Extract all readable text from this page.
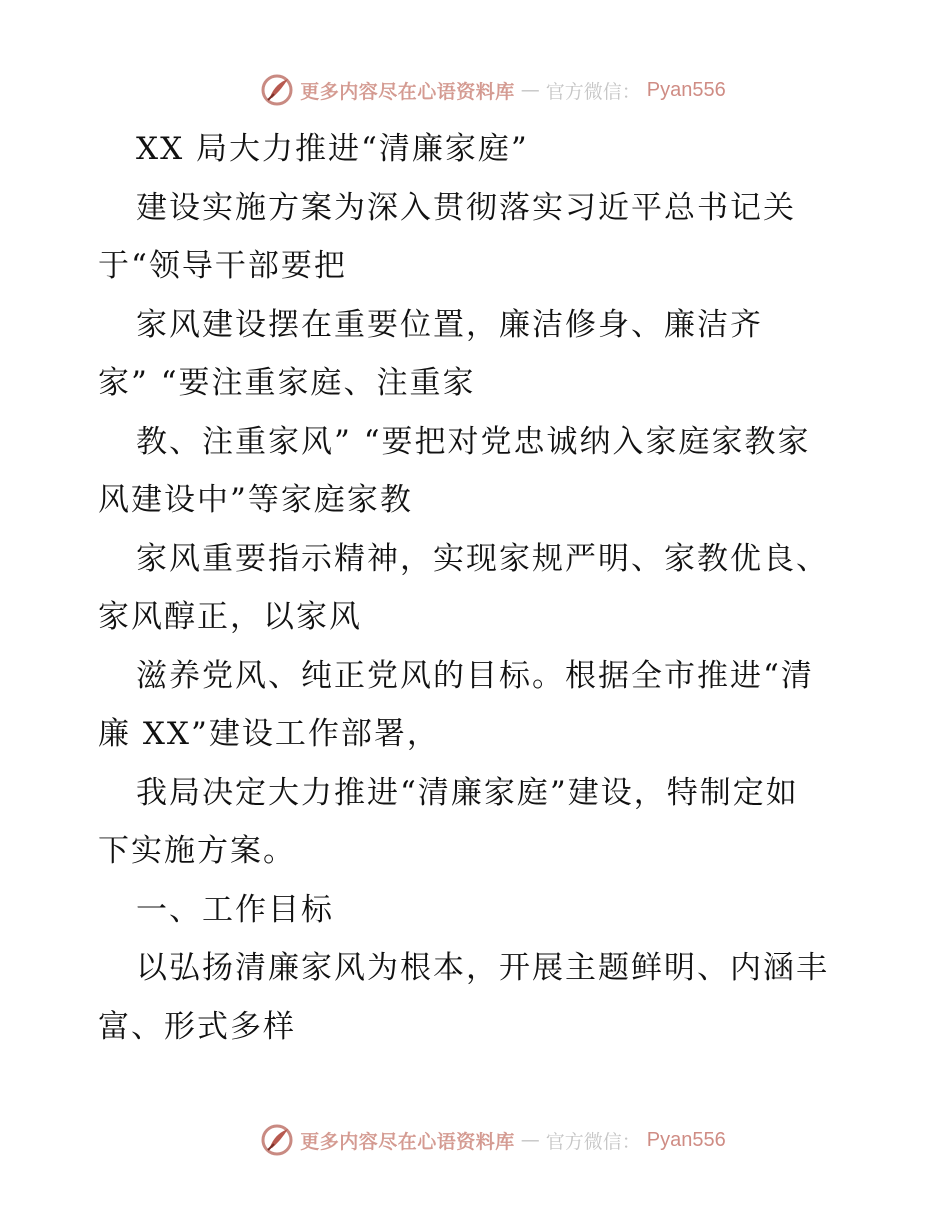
更多内容尽在心语资料库 — 官方微信： Pyan556
XX 局大力推进“清廉家庭”
建设实施方案为深入贯彻落实习近平总书记关
于“领导干部要把
家风建设摆在重要位置，廉洁修身、廉洁齐
家” “要注重家庭、注重家
教、注重家风” “要把对党忠诚纳入家庭家教家
风建设中”等家庭家教
家风重要指示精神，实现家规严明、家教优良、
家风醇正，以家风
滋养党风、纯正党风的目标。根据全市推进“清
廉 XX”建设工作部署，
我局决定大力推进“清廉家庭”建设，特制定如
下实施方案。
一、工作目标
以弘扬清廉家风为根本，开展主题鲜明、内涵丰
富、形式多样
更多内容尽在心语资料库 — 官方微信： Pyan556
